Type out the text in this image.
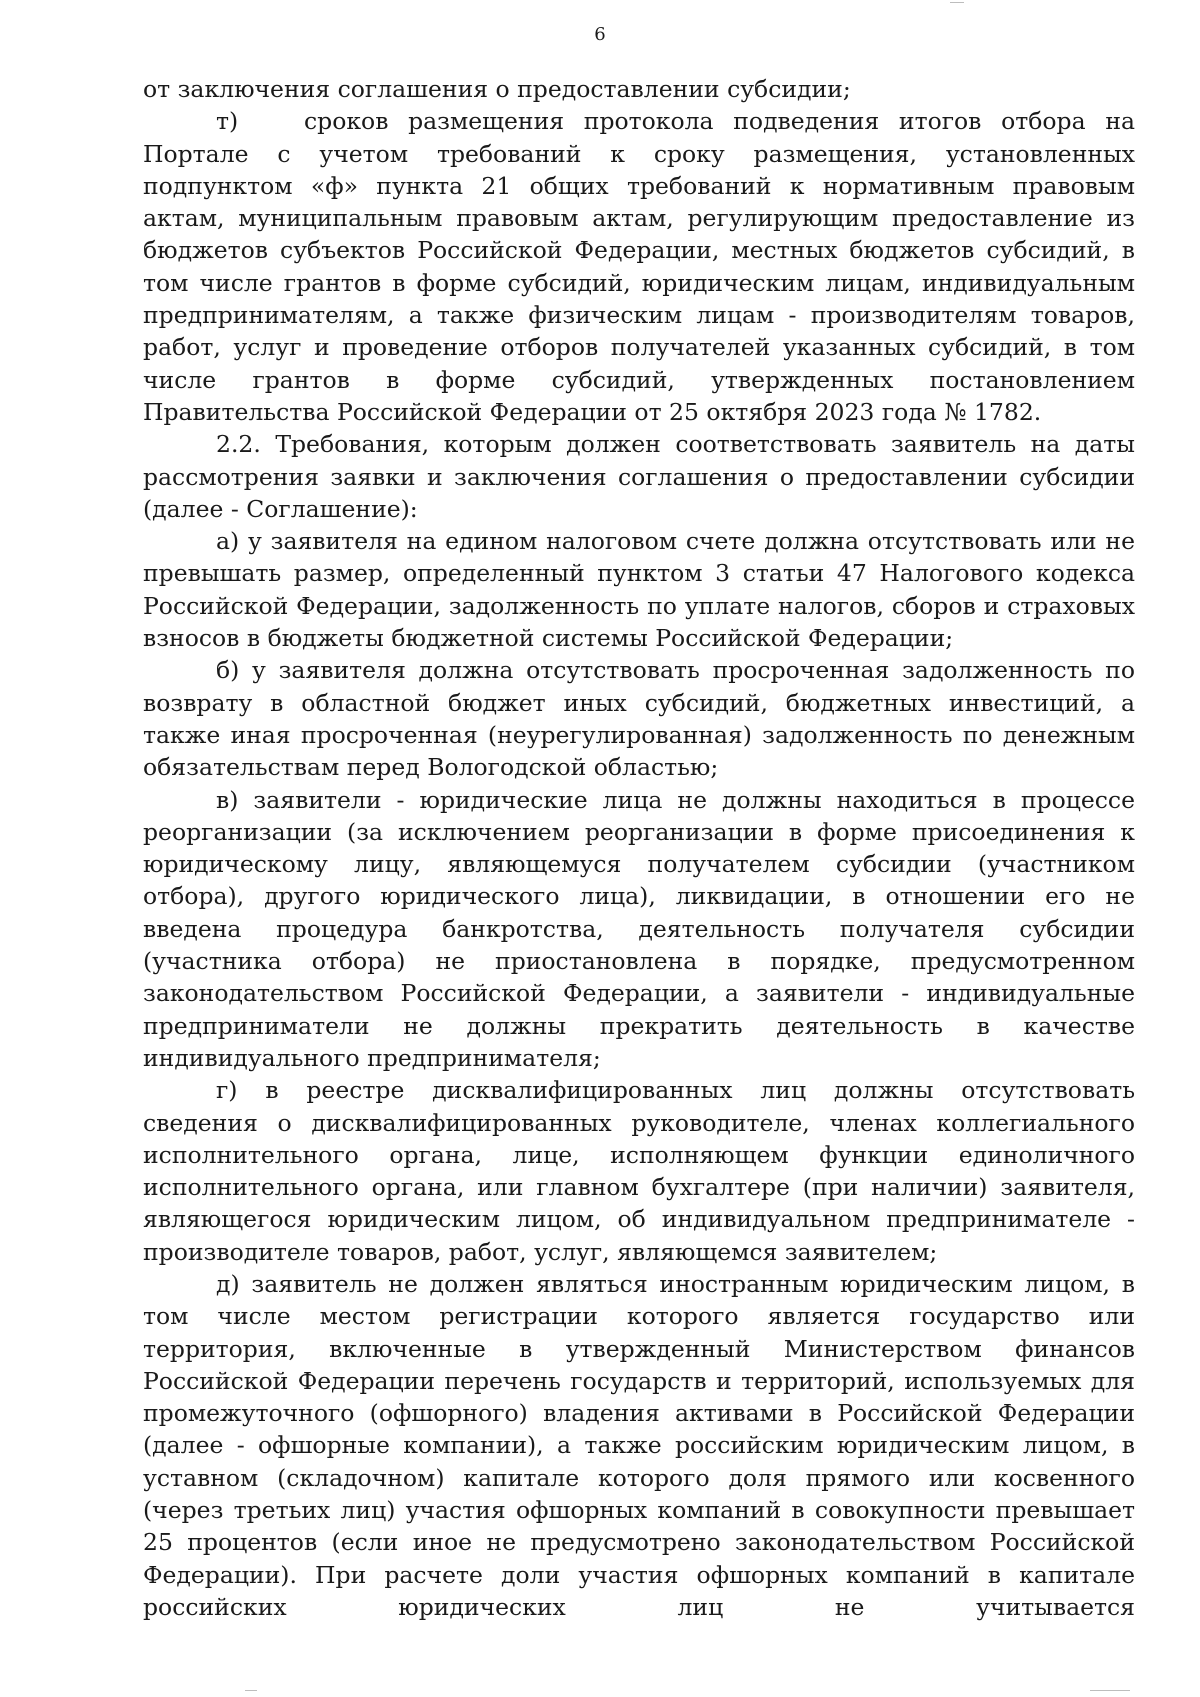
6

от заключения соглашения о предоставлении субсидии;

т)	сроков размещения протокола подведения итогов отбора на Портале с учетом требований к сроку размещения, установленных подпунктом «ф» пункта 21 общих требований к нормативным правовым актам, муниципальным правовым актам, регулирующим предоставление из бюджетов субъектов Российской Федерации, местных бюджетов субсидий, в том числе грантов в форме субсидий, юридическим лицам, индивидуальным предпринимателям, а также физическим лицам - производителям товаров, работ, услуг и проведение отборов получателей указанных субсидий, в том числе грантов в форме субсидий, утвержденных постановлением Правительства Российской Федерации от 25 октября 2023 года № 1782.

2.2. Требования, которым должен соответствовать заявитель на даты рассмотрения заявки и заключения соглашения о предоставлении субсидии (далее - Соглашение):

а) у заявителя на едином налоговом счете должна отсутствовать или не превышать размер, определенный пунктом 3 статьи 47 Налогового кодекса Российской Федерации, задолженность по уплате налогов, сборов и страховых взносов в бюджеты бюджетной системы Российской Федерации;

б) у заявителя должна отсутствовать просроченная задолженность по возврату в областной бюджет иных субсидий, бюджетных инвестиций, а также иная просроченная (неурегулированная) задолженность по денежным обязательствам перед Вологодской областью;

в) заявители - юридические лица не должны находиться в процессе реорганизации (за исключением реорганизации в форме присоединения к юридическому лицу, являющемуся получателем субсидии (участником отбора), другого юридического лица), ликвидации, в отношении его не введена процедура банкротства, деятельность получателя субсидии (участника отбора) не приостановлена в порядке, предусмотренном законодательством Российской Федерации, а заявители - индивидуальные предприниматели не должны прекратить деятельность в качестве индивидуального предпринимателя;

г) в реестре дисквалифицированных лиц должны отсутствовать сведения о дисквалифицированных руководителе, членах коллегиального исполнительного органа, лице, исполняющем функции единоличного исполнительного органа, или главном бухгалтере (при наличии) заявителя, являющегося юридическим лицом, об индивидуальном предпринимателе - производителе товаров, работ, услуг, являющемся заявителем;

д) заявитель не должен являться иностранным юридическим лицом, в том числе местом регистрации которого является государство или территория, включенные в утвержденный Министерством финансов Российской Федерации перечень государств и территорий, используемых для промежуточного (офшорного) владения активами в Российской Федерации (далее - офшорные компании), а также российским юридическим лицом, в уставном (складочном) капитале которого доля прямого или косвенного (через третьих лиц) участия офшорных компаний в совокупности превышает 25 процентов (если иное не предусмотрено законодательством Российской Федерации). При расчете доли участия офшорных компаний в капитале российских юридических лиц не учитывается
